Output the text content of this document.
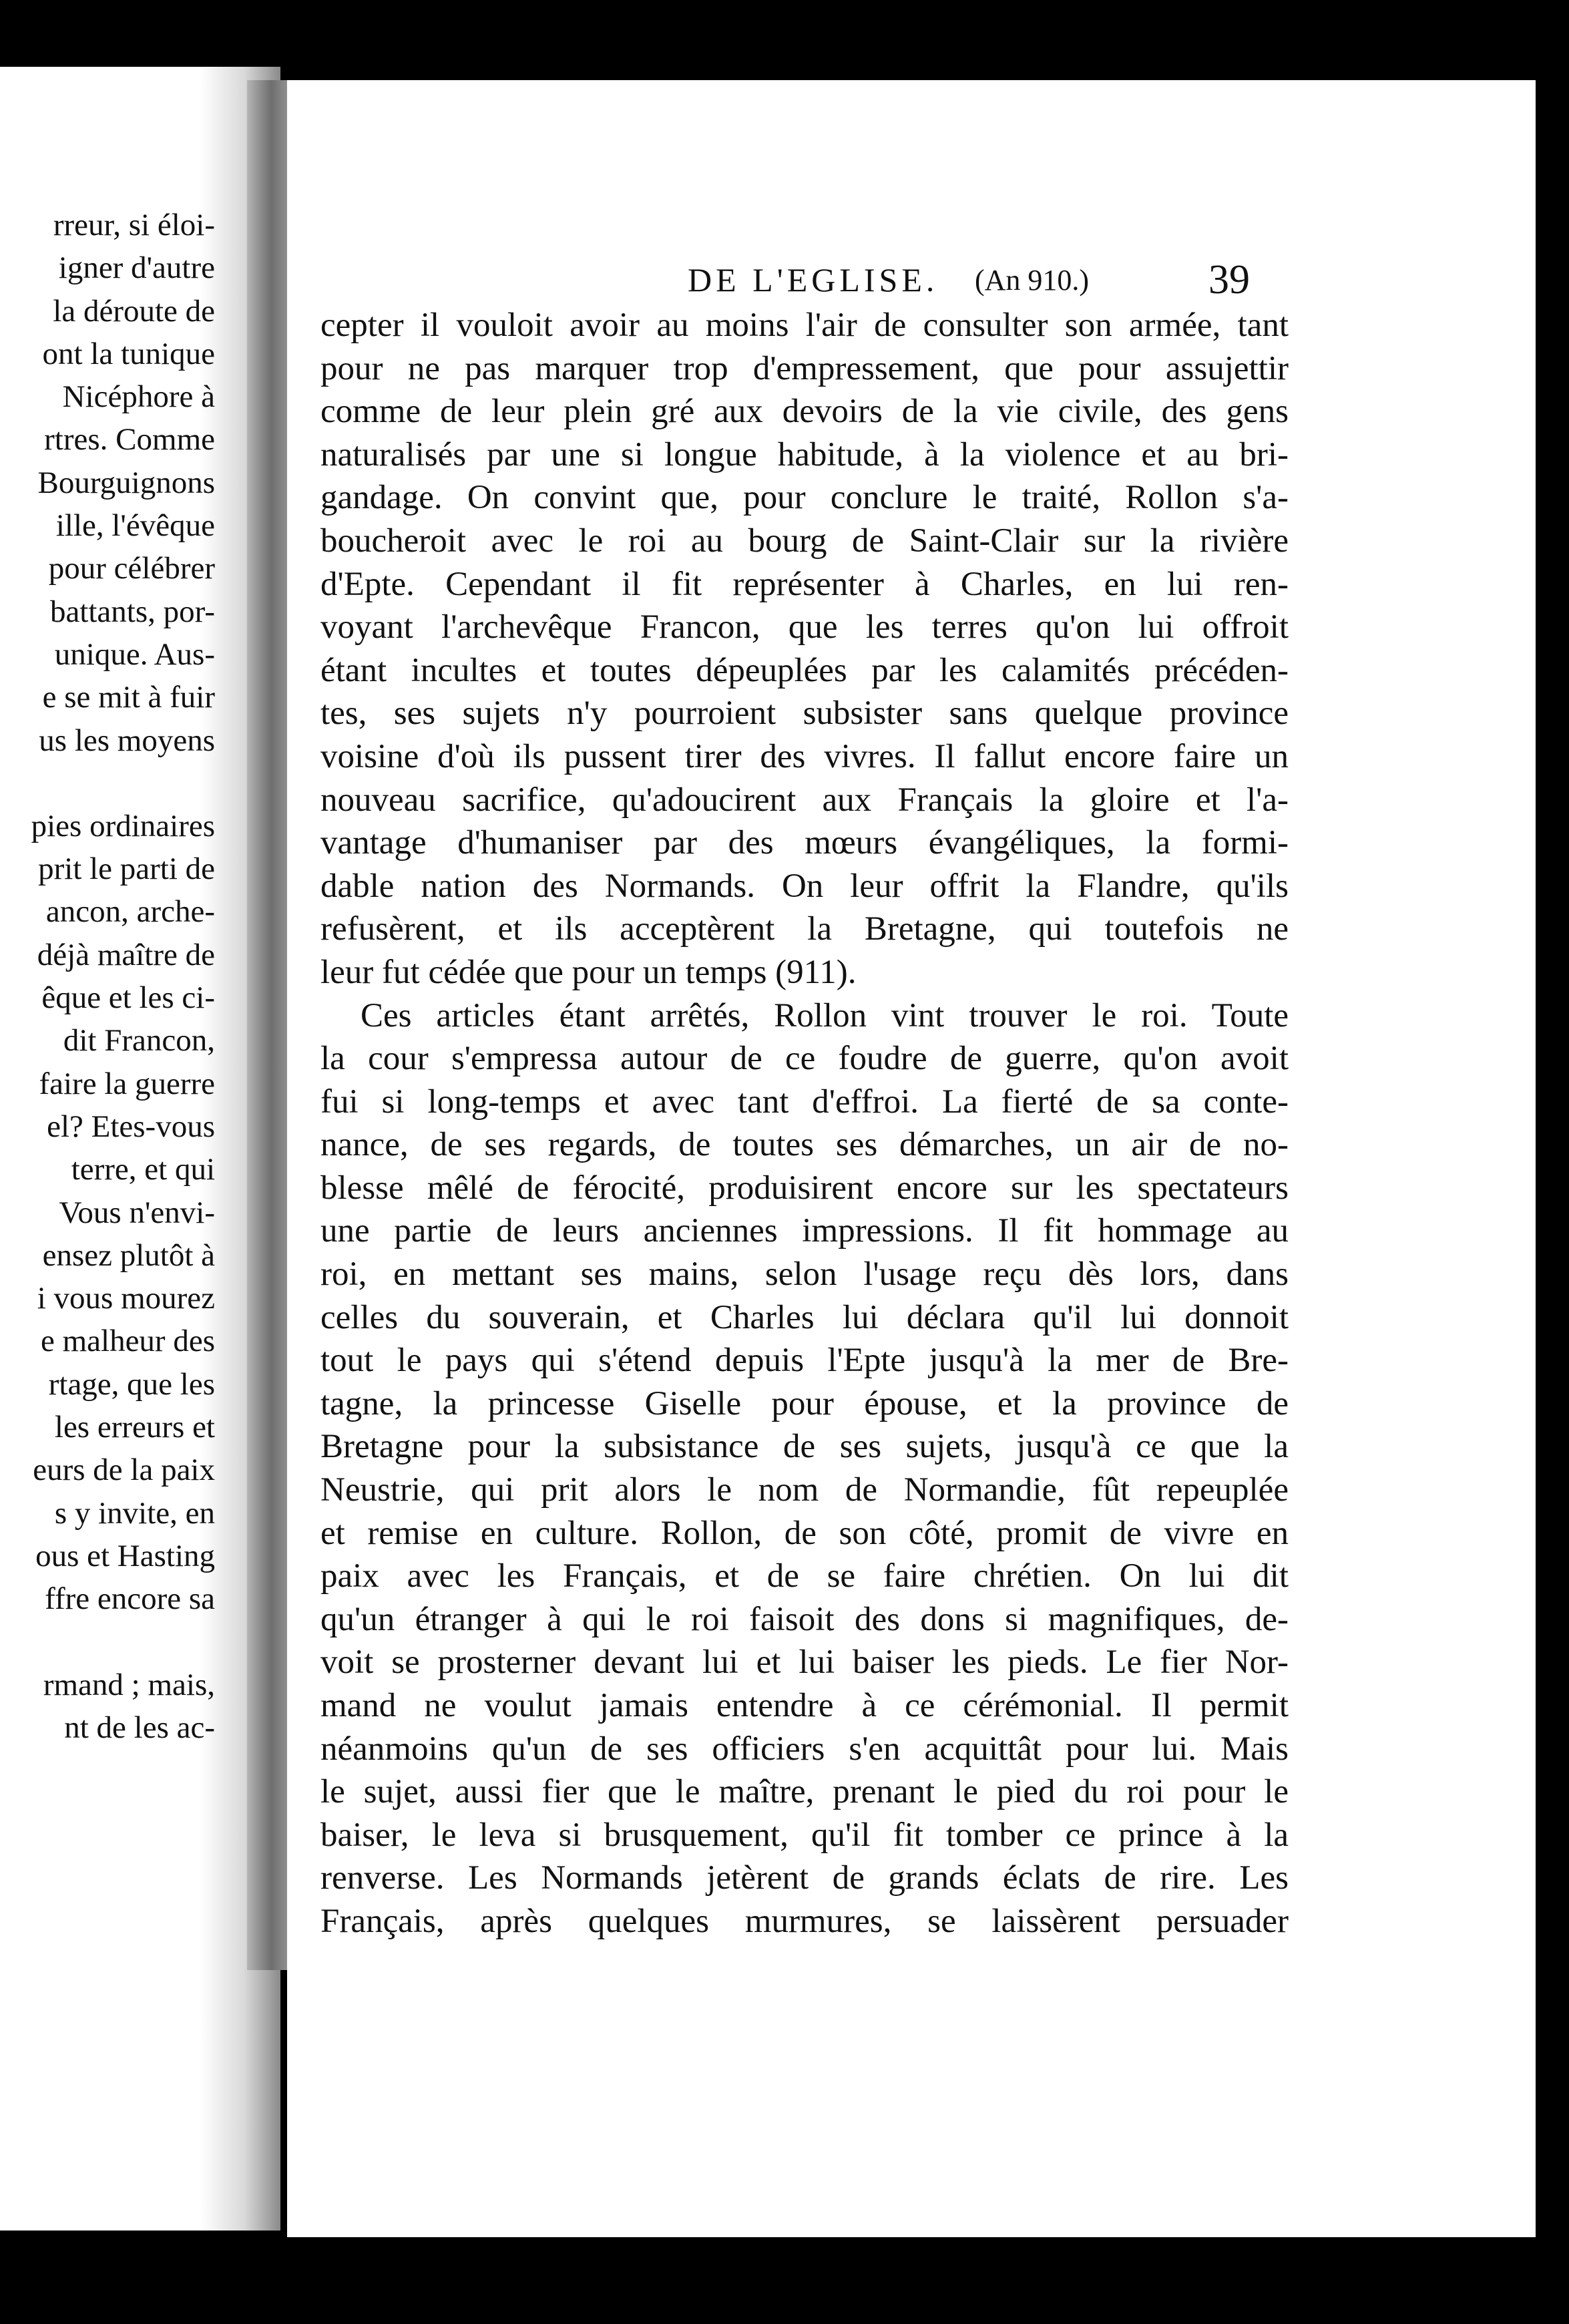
rreur, si éloi-
igner d'autre
la déroute de
ont la tunique
Nicéphore à
rtres. Comme
Bourguignons
ille, l'évêque
pour célébrer
battants, por-
unique. Aus-
e se mit à fuir
us les moyens
pies ordinaires
prit le parti de
ancon, arche-
déjà maître de
êque et les ci-
dit Francon,
faire la guerre
el? Etes-vous
terre, et qui
Vous n'envi-
ensez plutôt à
i vous mourez
e malheur des
rtage, que les
les erreurs et
eurs de la paix
s y invite, en
ous et Hasting
ffre encore sa
rmand ; mais,
nt de les ac-
DE L'EGLISE. (An 910.)	39
cepter il vouloit avoir au moins l'air de consulter son armée, tant
pour ne pas marquer trop d'empressement, que pour assujettir
comme de leur plein gré aux devoirs de la vie civile, des gens
naturalisés par une si longue habitude, à la violence et au bri-
gandage. On convint que, pour conclure le traité, Rollon s'a-
boucheroit avec le roi au bourg de Saint-Clair sur la rivière
d'Epte. Cependant il fit représenter à Charles, en lui ren-
voyant l'archevêque Francon, que les terres qu'on lui offroit
étant incultes et toutes dépeuplées par les calamités précéden-
tes, ses sujets n'y pourroient subsister sans quelque province
voisine d'où ils pussent tirer des vivres. Il fallut encore faire un
nouveau sacrifice, qu'adoucirent aux Français la gloire et l'a-
vantage d'humaniser par des mœurs évangéliques, la formi-
dable nation des Normands. On leur offrit la Flandre, qu'ils
refusèrent, et ils acceptèrent la Bretagne, qui toutefois ne
leur fut cédée que pour un temps (911).
Ces articles étant arrêtés, Rollon vint trouver le roi. Toute
la cour s'empressa autour de ce foudre de guerre, qu'on avoit
fui si long-temps et avec tant d'effroi. La fierté de sa conte-
nance, de ses regards, de toutes ses démarches, un air de no-
blesse mêlé de férocité, produisirent encore sur les spectateurs
une partie de leurs anciennes impressions. Il fit hommage au
roi, en mettant ses mains, selon l'usage reçu dès lors, dans
celles du souverain, et Charles lui déclara qu'il lui donnoit
tout le pays qui s'étend depuis l'Epte jusqu'à la mer de Bre-
tagne, la princesse Giselle pour épouse, et la province de
Bretagne pour la subsistance de ses sujets, jusqu'à ce que la
Neustrie, qui prit alors le nom de Normandie, fût repeuplée
et remise en culture. Rollon, de son côté, promit de vivre en
paix avec les Français, et de se faire chrétien. On lui dit
qu'un étranger à qui le roi faisoit des dons si magnifiques, de-
voit se prosterner devant lui et lui baiser les pieds. Le fier Nor-
mand ne voulut jamais entendre à ce cérémonial. Il permit
néanmoins qu'un de ses officiers s'en acquittât pour lui. Mais
le sujet, aussi fier que le maître, prenant le pied du roi pour le
baiser, le leva si brusquement, qu'il fit tomber ce prince à la
renverse. Les Normands jetèrent de grands éclats de rire. Les
Français, après quelques murmures, se laissèrent persuader
